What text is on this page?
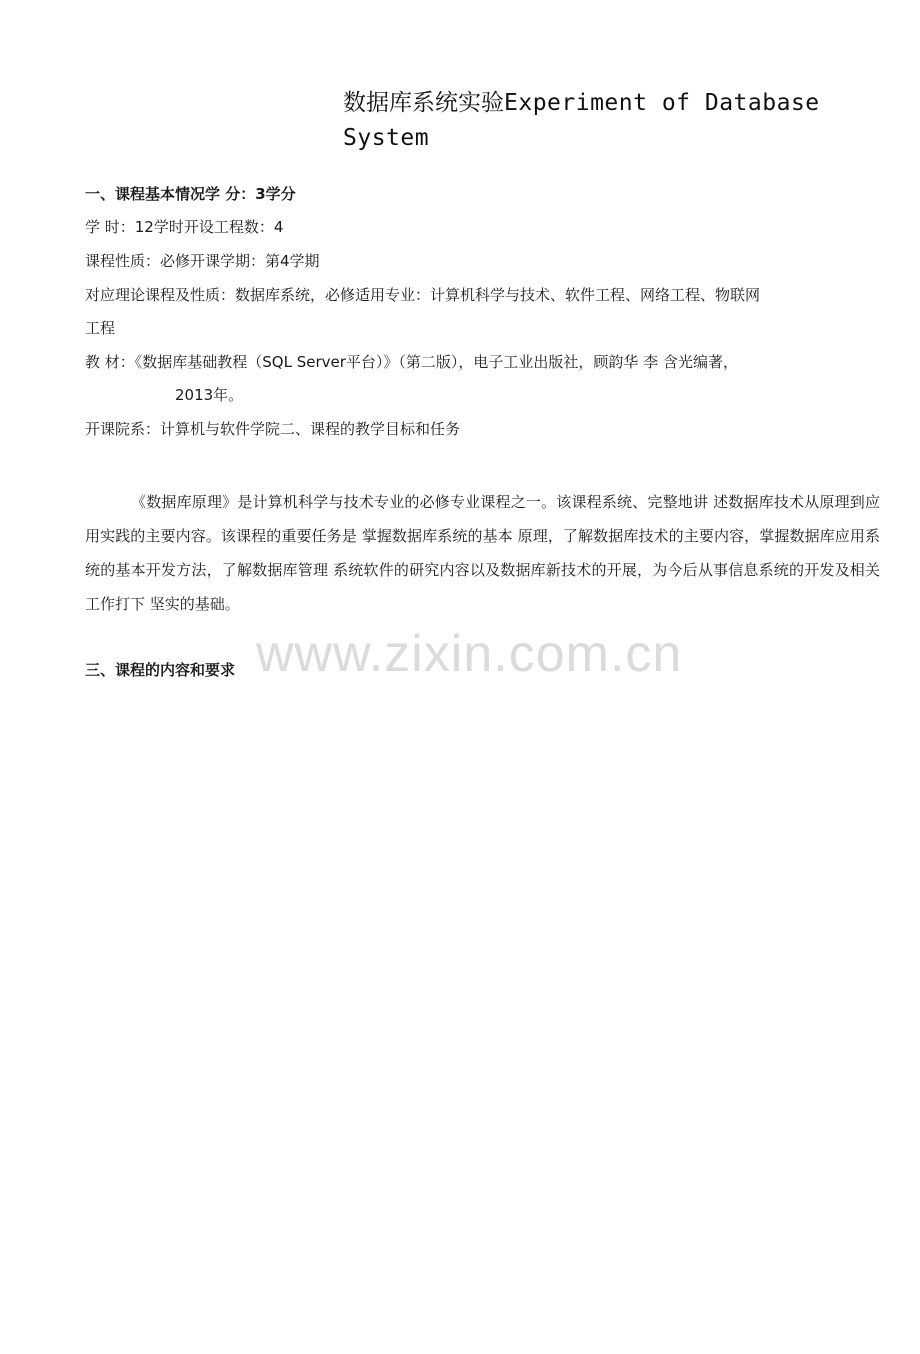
数据库系统实验Experiment of Database
System
一、课程基本情况学 分：3学分
学 时：12学时开设工程数：4
课程性质：必修开课学期：第4学期
对应理论课程及性质：数据库系统，必修适用专业：计算机科学与技术、软件工程、网络工程、物联网
工程
教 材：《数据库基础教程（SQL Server平台）》（第二版），电子工业出版社，顾韵华 李 含光编著，
2013年。
开课院系：计算机与软件学院二、课程的教学目标和任务
《数据库原理》是计算机科学与技术专业的必修专业课程之一。该课程系统、完整地讲 述数据库技术从原理到应用实践的主要内容。该课程的重要任务是 掌握数据库系统的基本 原理，了解数据库技术的主要内容，掌握数据库应用系统的基本开发方法，了解数据库管理 系统软件的研究内容以及数据库新技术的开展，为今后从事信息系统的开发及相关工作打下 坚实的基础。
www.zixin.com.cn
三、课程的内容和要求
